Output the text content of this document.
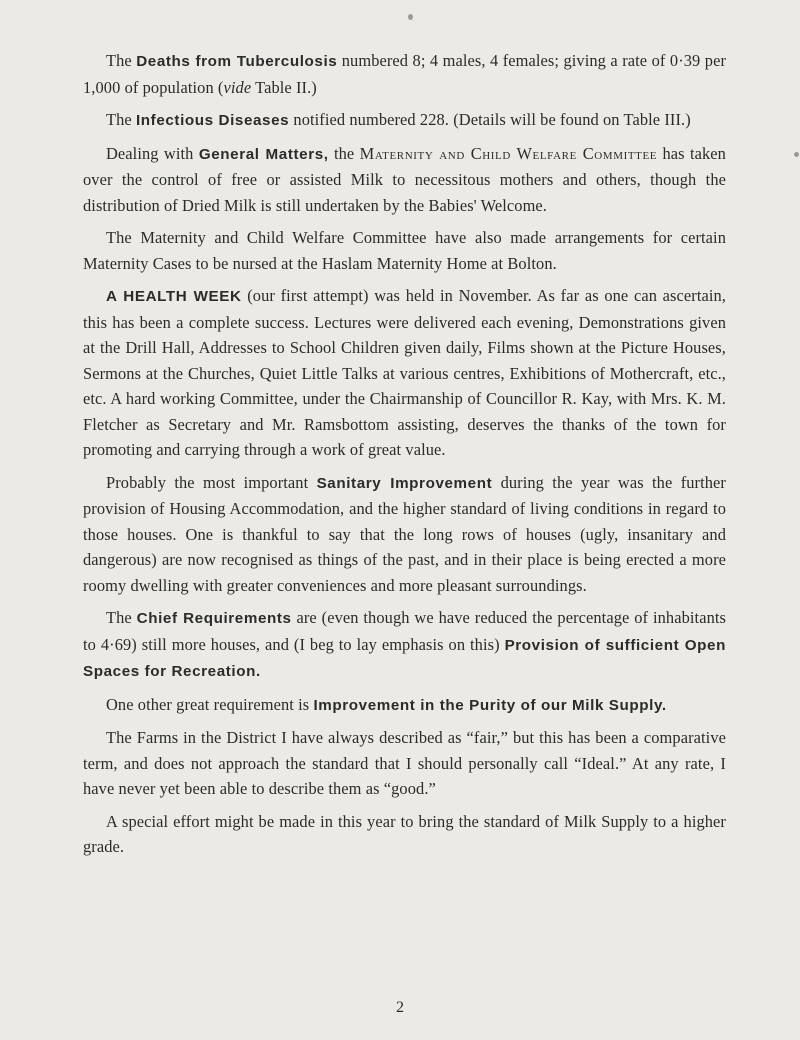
The Deaths from Tuberculosis numbered 8; 4 males, 4 females; giving a rate of 0·39 per 1,000 of population (vide Table II.)

The Infectious Diseases notified numbered 228. (Details will be found on Table III.)

Dealing with General Matters, the Maternity and Child Welfare Committee has taken over the control of free or assisted Milk to necessitous mothers and others, though the distribution of Dried Milk is still undertaken by the Babies' Welcome.

The Maternity and Child Welfare Committee have also made arrangements for certain Maternity Cases to be nursed at the Haslam Maternity Home at Bolton.

A HEALTH WEEK (our first attempt) was held in November. As far as one can ascertain, this has been a complete success. Lectures were delivered each evening, Demonstrations given at the Drill Hall, Addresses to School Children given daily, Films shown at the Picture Houses, Sermons at the Churches, Quiet Little Talks at various centres, Exhibitions of Mothercraft, etc., etc. A hard working Committee, under the Chairmanship of Councillor R. Kay, with Mrs. K. M. Fletcher as Secretary and Mr. Ramsbottom assisting, deserves the thanks of the town for promoting and carrying through a work of great value.

Probably the most important Sanitary Improvement during the year was the further provision of Housing Accommodation, and the higher standard of living conditions in regard to those houses. One is thankful to say that the long rows of houses (ugly, insanitary and dangerous) are now recognised as things of the past, and in their place is being erected a more roomy dwelling with greater conveniences and more pleasant surroundings.

The Chief Requirements are (even though we have reduced the percentage of inhabitants to 4·69) still more houses, and (I beg to lay emphasis on this) Provision of sufficient Open Spaces for Recreation.

One other great requirement is Improvement in the Purity of our Milk Supply.

The Farms in the District I have always described as “fair,” but this has been a comparative term, and does not approach the standard that I should personally call “Ideal.” At any rate, I have never yet been able to describe them as “good.”

A special effort might be made in this year to bring the standard of Milk Supply to a higher grade.

2
